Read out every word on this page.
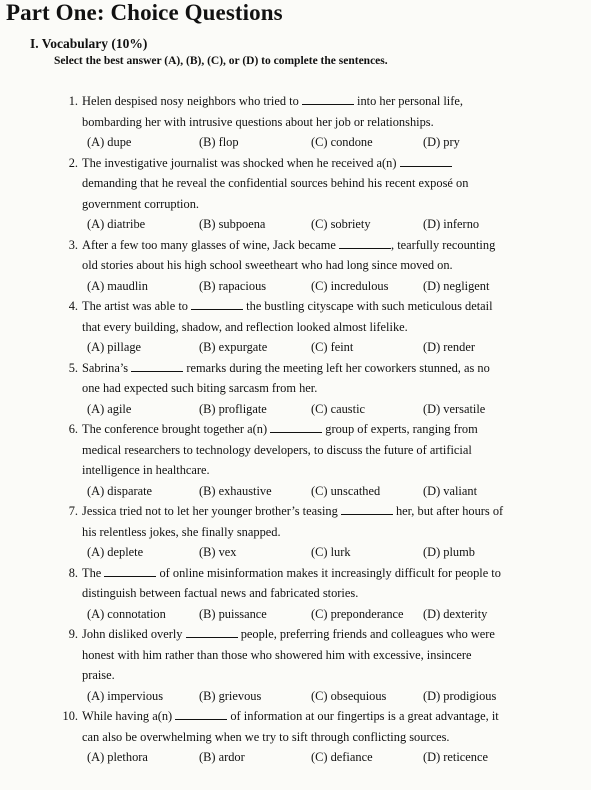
Part One: Choice Questions
I. Vocabulary (10%)
Select the best answer (A), (B), (C), or (D) to complete the sentences.
1. Helen despised nosy neighbors who tried to	into her personal life,
bombarding her with intrusive questions about her job or relationships.
(A) dupe	(B) flop	(C) condone	(D) pry
2. The investigative journalist was shocked when he received a(n)
demanding that he reveal the confidential sources behind his recent exposé on
government corruption.
(A) diatribe	(B) subpoena	(C) sobriety	(D) inferno
3. After a few too many glasses of wine, Jack became	, tearfully recounting
old stories about his high school sweetheart who had long since moved on.
(A) maudlin	(B) rapacious	(C) incredulous	(D) negligent
4. The artist was able to	the bustling cityscape with such meticulous detail
that every building, shadow, and reflection looked almost lifelike.
(A) pillage	(B) expurgate	(C) feint	(D) render
5. Sabrina’s	remarks during the meeting left her coworkers stunned, as no
one had expected such biting sarcasm from her.
(A) agile	(B) profligate	(C) caustic	(D) versatile
6. The conference brought together a(n)	group of experts, ranging from
medical researchers to technology developers, to discuss the future of artificial
intelligence in healthcare.
(A) disparate	(B) exhaustive	(C) unscathed	(D) valiant
7. Jessica tried not to let her younger brother’s teasing	her, but after hours of
his relentless jokes, she finally snapped.
(A) deplete	(B) vex	(C) lurk	(D) plumb
8. The	of online misinformation makes it increasingly difficult for people to
distinguish between factual news and fabricated stories.
(A) connotation	(B) puissance	(C) preponderance	(D) dexterity
9. John disliked overly	people, preferring friends and colleagues who were
honest with him rather than those who showered him with excessive, insincere
praise.
(A) impervious	(B) grievous	(C) obsequious	(D) prodigious
10. While having a(n)	of information at our fingertips is a great advantage, it
can also be overwhelming when we try to sift through conflicting sources.
(A) plethora	(B) ardor	(C) defiance	(D) reticence
